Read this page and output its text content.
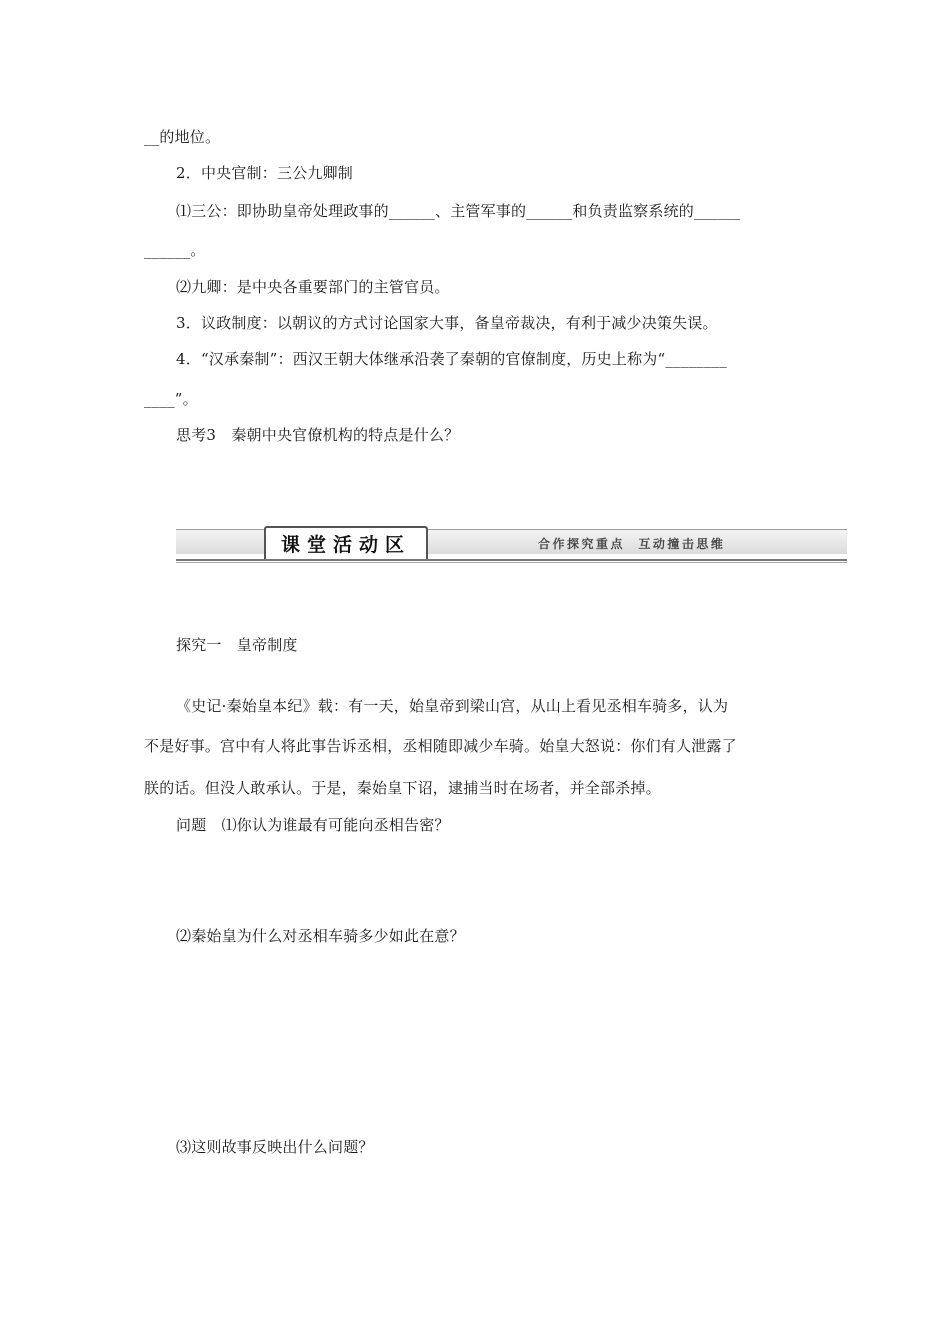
__的地位。
2．中央官制：三公九卿制
⑴三公：即协助皇帝处理政事的______、主管军事的______和负责监察系统的______
______。
⑵九卿：是中央各重要部门的主管官员。
3．议政制度：以朝议的方式讨论国家大事，备皇帝裁决，有利于减少决策失误。
4．“汉承秦制”：西汉王朝大体继承沿袭了秦朝的官僚制度，历史上称为“________
____”。
思考3　秦朝中央官僚机构的特点是什么？
课堂活动区	合作探究重点  互动撞击思维
探究一　皇帝制度
《史记·秦始皇本纪》载：有一天，始皇帝到梁山宫，从山上看见丞相车骑多，认为
不是好事。宫中有人将此事告诉丞相，丞相随即减少车骑。始皇大怒说：你们有人泄露了
朕的话。但没人敢承认。于是，秦始皇下诏，逮捕当时在场者，并全部杀掉。
问题　⑴你认为谁最有可能向丞相告密？
⑵秦始皇为什么对丞相车骑多少如此在意？
⑶这则故事反映出什么问题？
